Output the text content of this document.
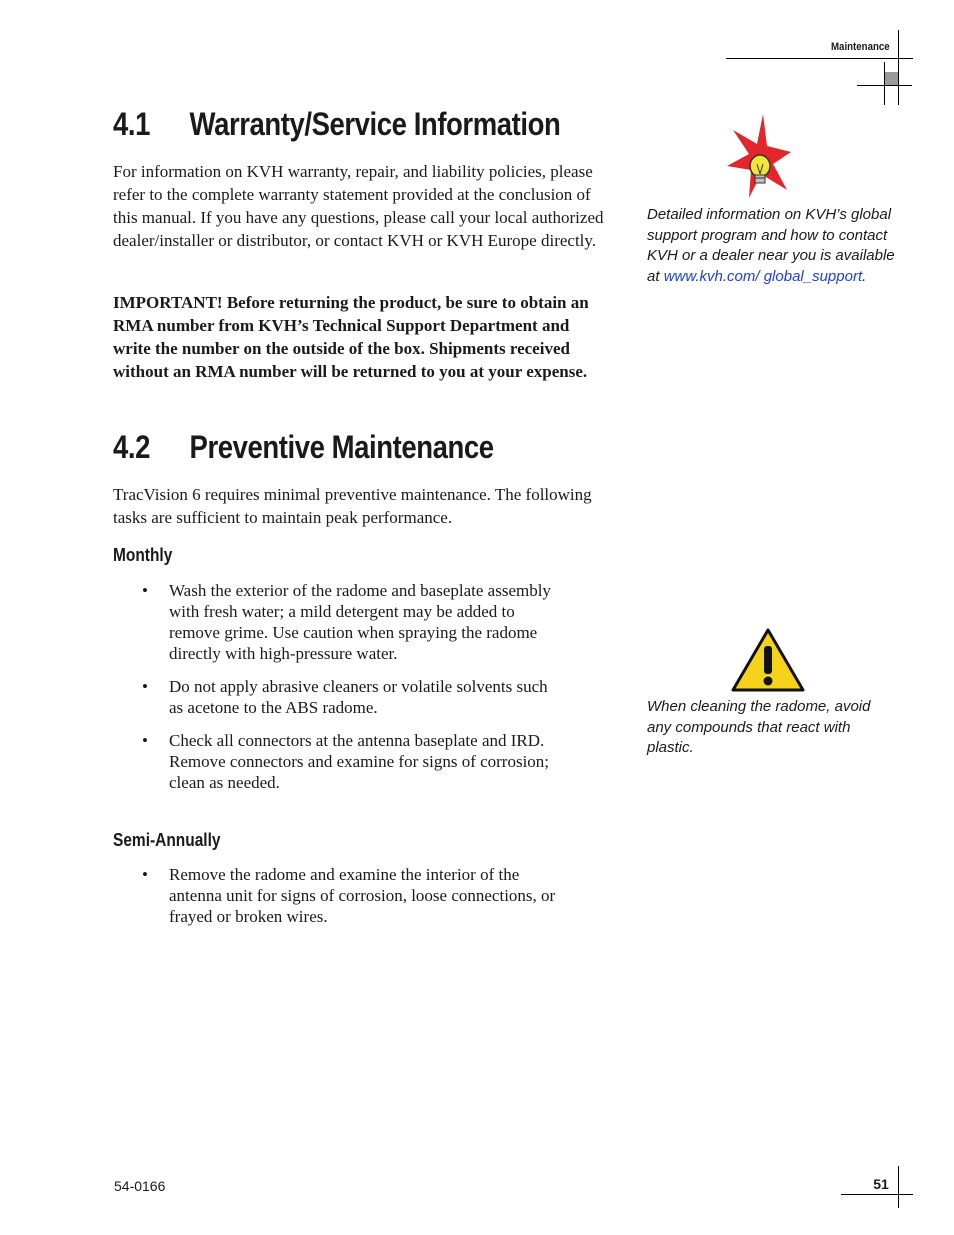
Maintenance
4.1 Warranty/Service Information

For information on KVH warranty, repair, and liability policies, please refer to the complete warranty statement provided at the conclusion of this manual. If you have any questions, please call your local authorized dealer/installer or distributor, or contact KVH or KVH Europe directly.

IMPORTANT! Before returning the product, be sure to obtain an RMA number from KVH’s Technical Support Department and write the number on the outside of the box. Shipments received without an RMA number will be returned to you at your expense.

4.2 Preventive Maintenance

TracVision 6 requires minimal preventive maintenance. The following tasks are sufficient to maintain peak performance.

Monthly
• Wash the exterior of the radome and baseplate assembly with fresh water; a mild detergent may be added to remove grime. Use caution when spraying the radome directly with high-pressure water.
• Do not apply abrasive cleaners or volatile solvents such as acetone to the ABS radome.
• Check all connectors at the antenna baseplate and IRD. Remove connectors and examine for signs of corrosion; clean as needed.
Semi-Annually
• Remove the radome and examine the interior of the antenna unit for signs of corrosion, loose connections, or frayed or broken wires.
Detailed information on KVH’s global support program and how to contact KVH or a dealer near you is available at www.kvh.com/ global_support.
When cleaning the radome, avoid any compounds that react with plastic.
54-0166	51
